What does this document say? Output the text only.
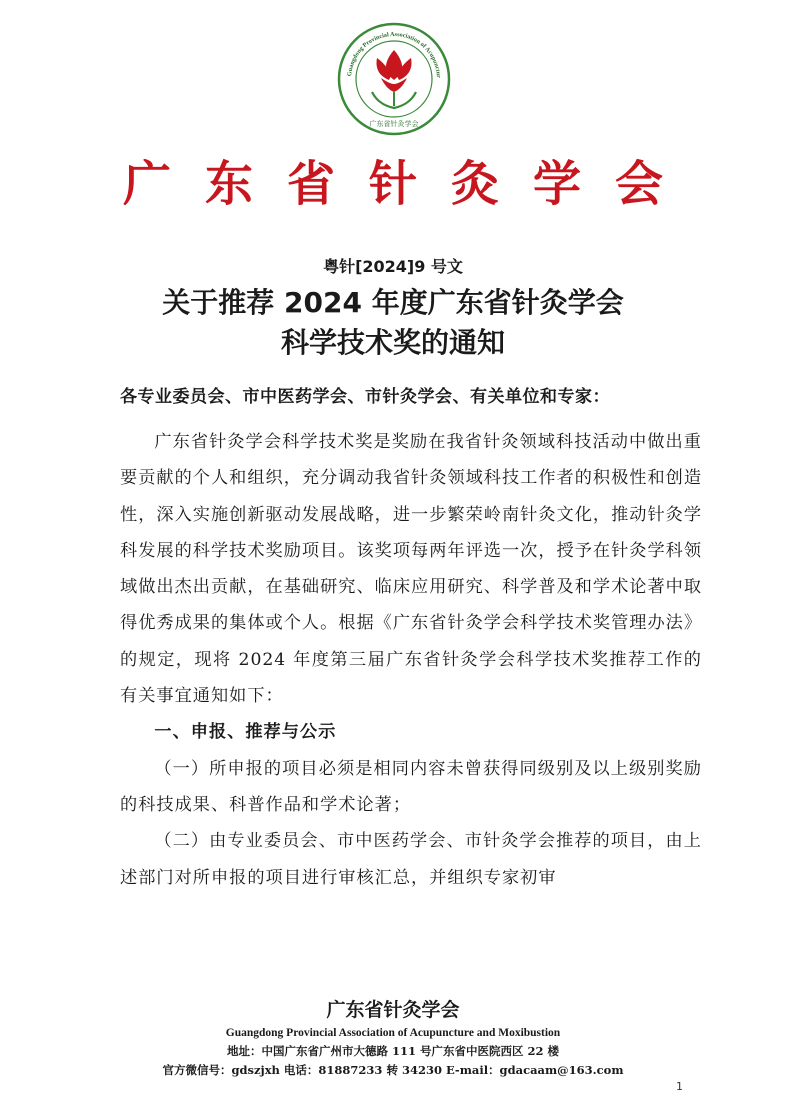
Guangdong Provincial Association of Acupunctur
广东省针灸学会
广东省针灸学会
粤针[2024]9 号文
关于推荐 2024 年度广东省针灸学会
科学技术奖的通知
各专业委员会、市中医药学会、市针灸学会、有关单位和专家：

广东省针灸学会科学技术奖是奖励在我省针灸领域科技活动中做出重要贡献的个人和组织，充分调动我省针灸领域科技工作者的积极性和创造性，深入实施创新驱动发展战略，进一步繁荣岭南针灸文化，推动针灸学科发展的科学技术奖励项目。该奖项每两年评选一次，授予在针灸学科领域做出杰出贡献，在基础研究、临床应用研究、科学普及和学术论著中取得优秀成果的集体或个人。根据《广东省针灸学会科学技术奖管理办法》的规定，现将 2024 年度第三届广东省针灸学会科学技术奖推荐工作的有关事宜通知如下：

一、申报、推荐与公示

（一）所申报的项目必须是相同内容未曾获得同级别及以上级别奖励的科技成果、科普作品和学术论著；

（二）由专业委员会、市中医药学会、市针灸学会推荐的项目，由上述部门对所申报的项目进行审核汇总，并组织专家初审

广东省针灸学会
Guangdong Provincial Association of Acupuncture and Moxibustion
地址：中国广东省广州市大德路 111 号广东省中医院西区 22 楼
官方微信号：gdszjxh 电话：81887233 转 34230 E-mail：gdacaam@163.com
1
